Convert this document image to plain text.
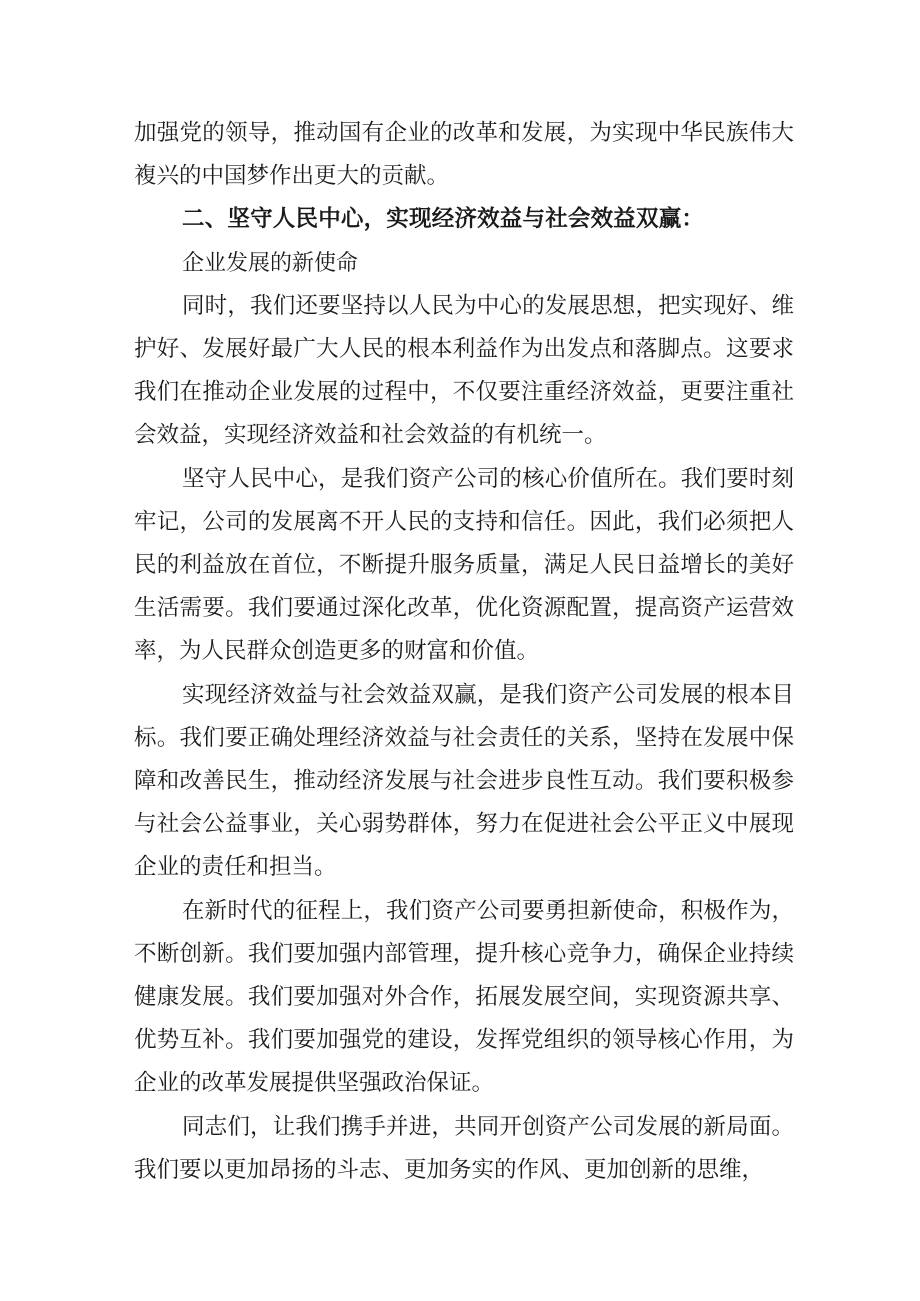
加强党的领导，推动国有企业的改革和发展，为实现中华民族伟大複兴的中国梦作出更大的贡献。

二、坚守人民中心，实现经济效益与社会效益双赢：

企业发展的新使命

同时，我们还要坚持以人民为中心的发展思想，把实现好、维护好、发展好最广大人民的根本利益作为出发点和落脚点。这要求我们在推动企业发展的过程中，不仅要注重经济效益，更要注重社会效益，实现经济效益和社会效益的有机统一。

坚守人民中心，是我们资产公司的核心价值所在。我们要时刻牢记，公司的发展离不开人民的支持和信任。因此，我们必须把人民的利益放在首位，不断提升服务质量，满足人民日益增长的美好生活需要。我们要通过深化改革，优化资源配置，提高资产运营效率，为人民群众创造更多的财富和价值。

实现经济效益与社会效益双赢，是我们资产公司发展的根本目标。我们要正确处理经济效益与社会责任的关系，坚持在发展中保障和改善民生，推动经济发展与社会进步良性互动。我们要积极参与社会公益事业，关心弱势群体，努力在促进社会公平正义中展现企业的责任和担当。

在新时代的征程上，我们资产公司要勇担新使命，积极作为，不断创新。我们要加强内部管理，提升核心竞争力，确保企业持续健康发展。我们要加强对外合作，拓展发展空间，实现资源共享、优势互补。我们要加强党的建设，发挥党组织的领导核心作用，为企业的改革发展提供坚强政治保证。

同志们，让我们携手并进，共同开创资产公司发展的新局面。我们要以更加昂扬的斗志、更加务实的作风、更加创新的思维，
